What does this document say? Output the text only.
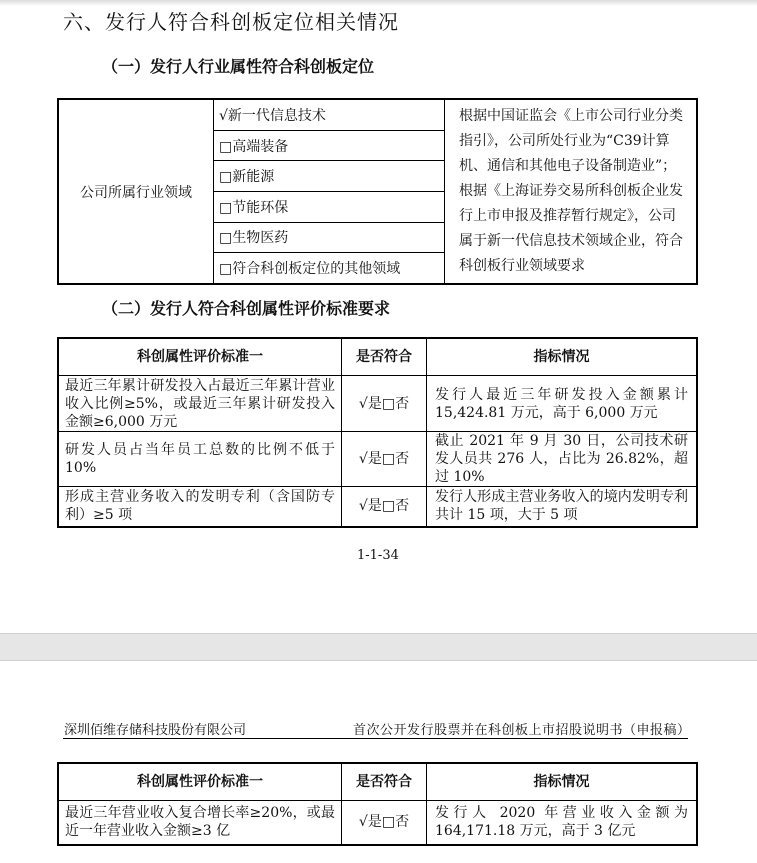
六、发行人符合科创板定位相关情况
（一）发行人行业属性符合科创板定位
公司所属行业领域	√新一代信息技术	根据中国证监会《上市公司行业分类指引》，公司所处行业为“C39计算机、通信和其他电子设备制造业”；根据《上海证券交易所科创板企业发行上市申报及推荐暂行规定》，公司属于新一代信息技术领域企业，符合科创板行业领域要求
□高端装备
□新能源
□节能环保
□生物医药
□符合科创板定位的其他领域
（二）发行人符合科创属性评价标准要求
科创属性评价标准一	是否符合	指标情况
最近三年累计研发投入占最近三年累计营业收入比例≥5%，或最近三年累计研发投入金额≥6,000 万元	√是□否	发行人最近三年研发投入金额累计15,424.81 万元，高于 6,000 万元
研发人员占当年员工总数的比例不低于 10%	√是□否	截止 2021 年 9 月 30 日，公司技术研发人员共 276 人，占比为 26.82%，超过 10%
形成主营业务收入的发明专利（含国防专利）≥5 项	√是□否	发行人形成主营业务收入的境内发明专利共计 15 项，大于 5 项
1-1-34
深圳佰维存储科技股份有限公司	首次公开发行股票并在科创板上市招股说明书（申报稿）
科创属性评价标准一	是否符合	指标情况
最近三年营业收入复合增长率≥20%，或最近一年营业收入金额≥3 亿	√是□否	发行人 2020 年营业收入金额为 164,171.18 万元，高于 3 亿元
